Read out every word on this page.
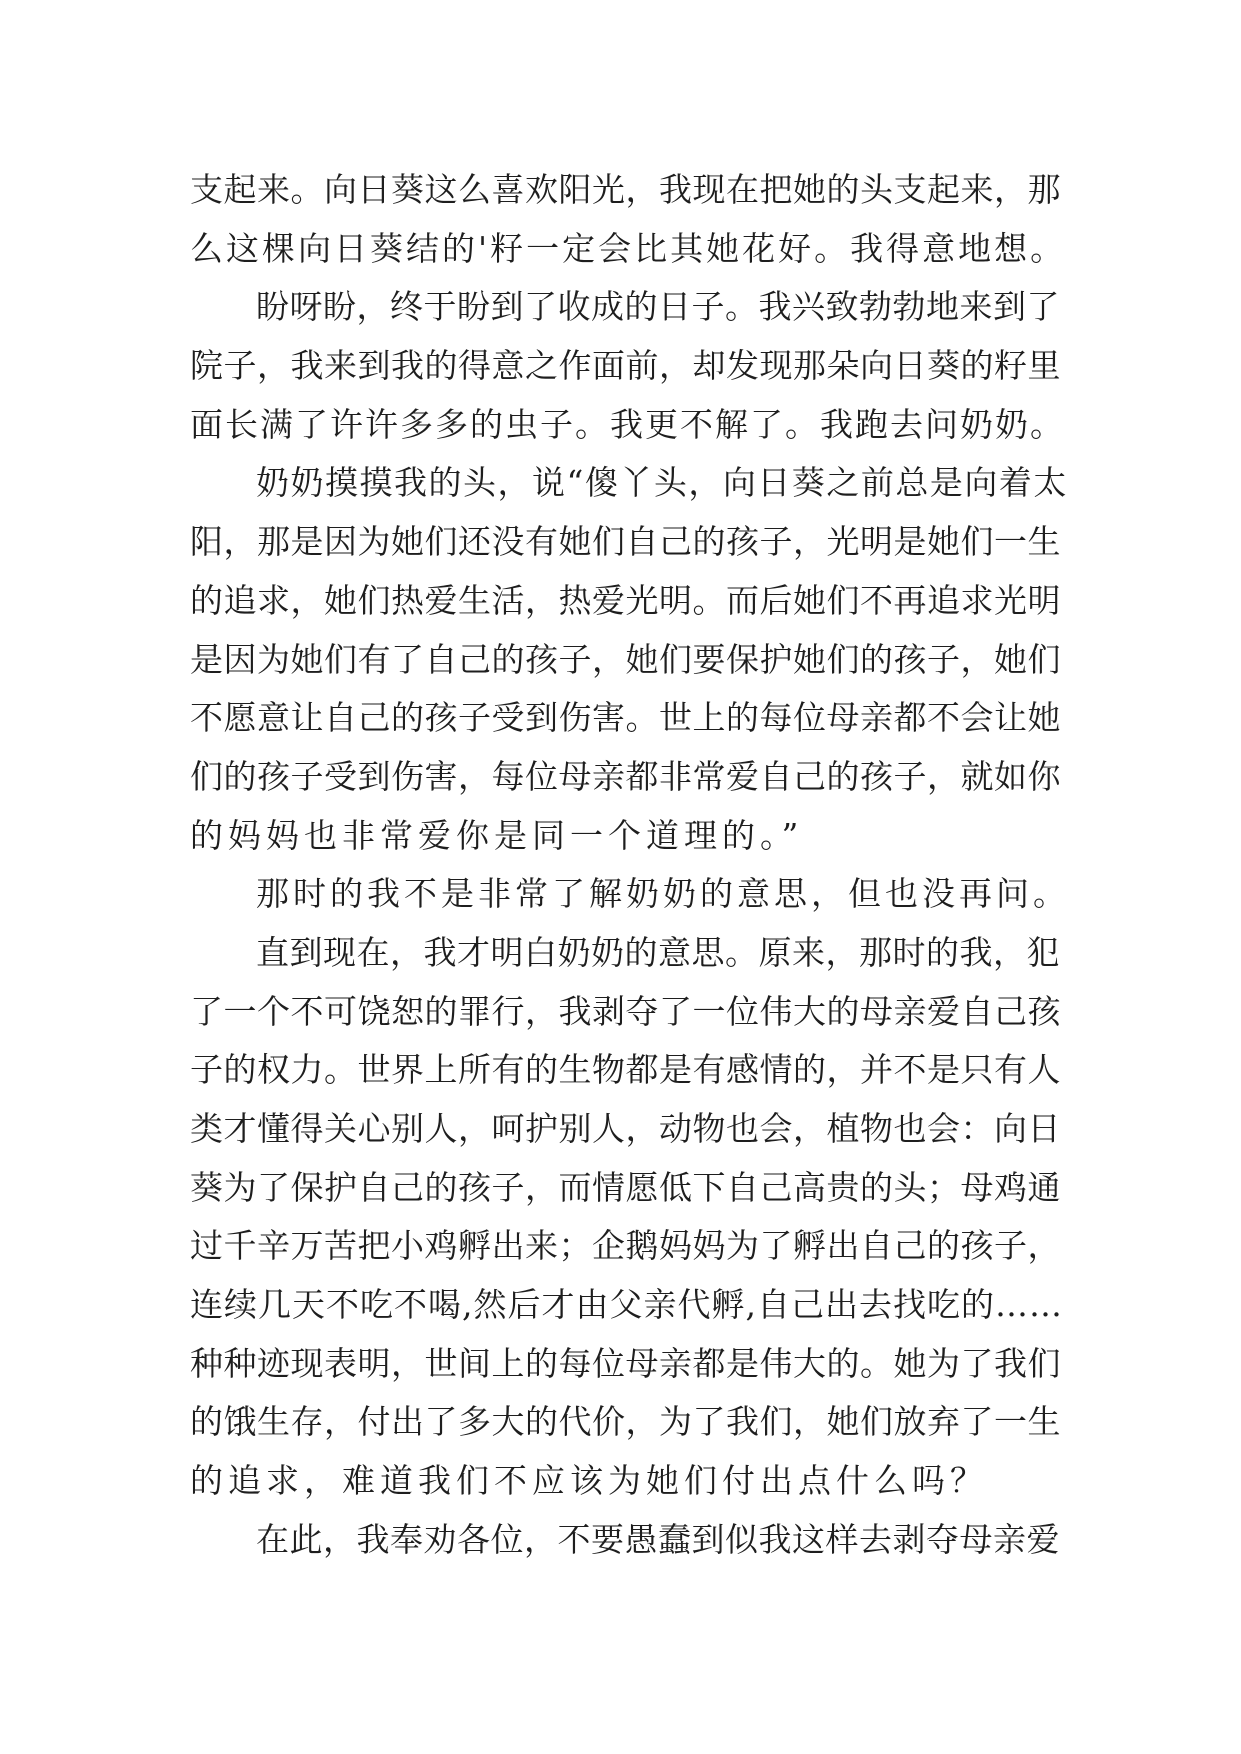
支起来。向日葵这么喜欢阳光，我现在把她的头支起来，那
么这棵向日葵结的'籽一定会比其她花好。我得意地想。
盼呀盼，终于盼到了收成的日子。我兴致勃勃地来到了
院子，我来到我的得意之作面前，却发现那朵向日葵的籽里
面长满了许许多多的虫子。我更不解了。我跑去问奶奶。
奶奶摸摸我的头，说“傻丫头，向日葵之前总是向着太
阳，那是因为她们还没有她们自己的孩子，光明是她们一生
的追求，她们热爱生活，热爱光明。而后她们不再追求光明
是因为她们有了自己的孩子，她们要保护她们的孩子，她们
不愿意让自己的孩子受到伤害。世上的每位母亲都不会让她
们的孩子受到伤害，每位母亲都非常爱自己的孩子，就如你
的妈妈也非常爱你是同一个道理的。”
那时的我不是非常了解奶奶的意思，但也没再问。
直到现在，我才明白奶奶的意思。原来，那时的我，犯
了一个不可饶恕的罪行，我剥夺了一位伟大的母亲爱自己孩
子的权力。世界上所有的生物都是有感情的，并不是只有人
类才懂得关心别人，呵护别人，动物也会，植物也会：向日
葵为了保护自己的孩子，而情愿低下自己高贵的头；母鸡通
过千辛万苦把小鸡孵出来；企鹅妈妈为了孵出自己的孩子，
连续几天不吃不喝,然后才由父亲代孵,自己出去找吃的……
种种迹现表明，世间上的每位母亲都是伟大的。她为了我们
的饿生存，付出了多大的代价，为了我们，她们放弃了一生
的追求，难道我们不应该为她们付出点什么吗？
在此，我奉劝各位，不要愚蠢到似我这样去剥夺母亲爱
